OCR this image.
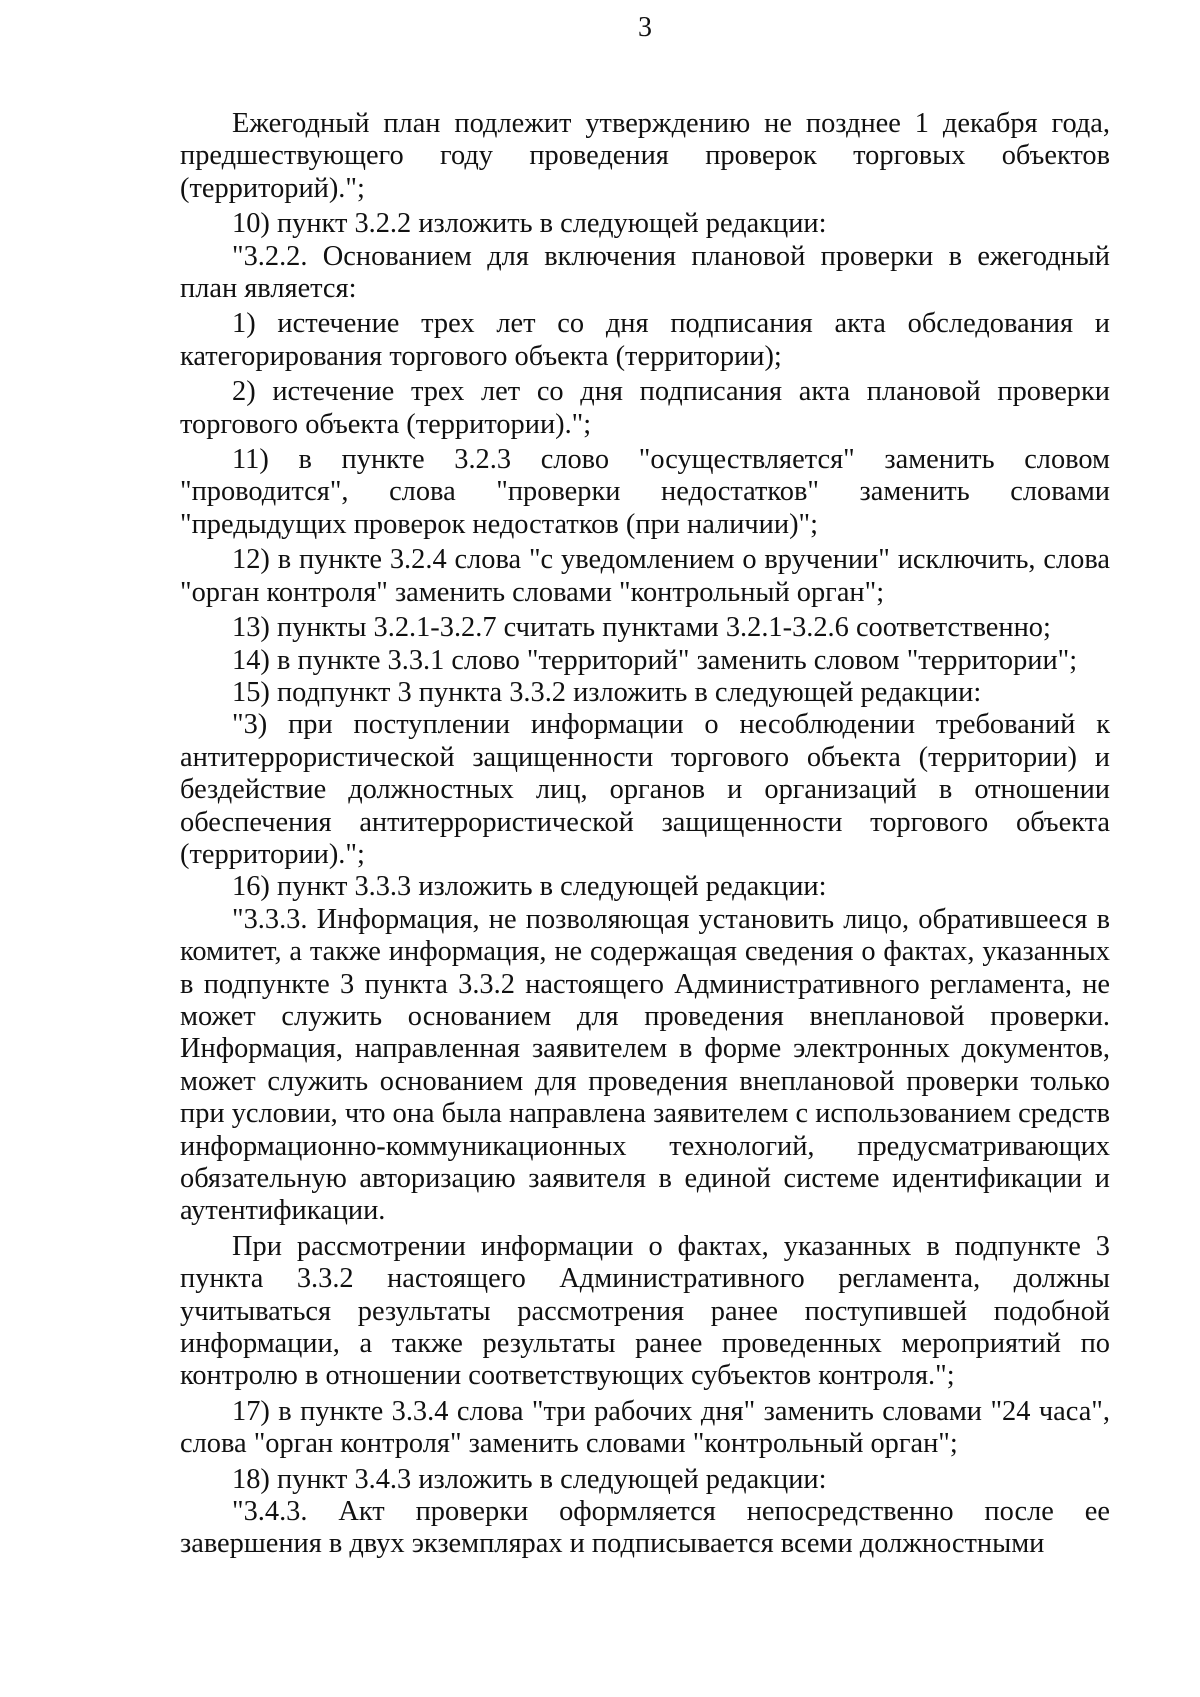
3

Ежегодный план подлежит утверждению не позднее 1 декабря года, предшествующего году проведения проверок торговых объектов (территорий).";

10) пункт 3.2.2 изложить в следующей редакции:

"3.2.2. Основанием для включения плановой проверки в ежегодный план является:

1) истечение трех лет со дня подписания акта обследования и категорирования торгового объекта (территории);

2) истечение трех лет со дня подписания акта плановой проверки торгового объекта (территории).";

11) в пункте 3.2.3 слово "осуществляется" заменить словом "проводится", слова "проверки недостатков" заменить словами "предыдущих проверок недостатков (при наличии)";

12) в пункте 3.2.4 слова "с уведомлением о вручении" исключить, слова "орган контроля" заменить словами "контрольный орган";

13) пункты 3.2.1-3.2.7 считать пунктами 3.2.1-3.2.6 соответственно;

14) в пункте 3.3.1 слово "территорий" заменить словом "территории";

15) подпункт 3 пункта 3.3.2 изложить в следующей редакции:

"3) при поступлении информации о несоблюдении требований к антитеррористической защищенности торгового объекта (территории) и бездействие должностных лиц, органов и организаций в отношении обеспечения антитеррористической защищенности торгового объекта (территории).";

16) пункт 3.3.3 изложить в следующей редакции:

"3.3.3. Информация, не позволяющая установить лицо, обратившееся в комитет, а также информация, не содержащая сведения о фактах, указанных в подпункте 3 пункта 3.3.2 настоящего Административного регламента, не может служить основанием для проведения внеплановой проверки. Информация, направленная заявителем в форме электронных документов, может служить основанием для проведения внеплановой проверки только при условии, что она была направлена заявителем с использованием средств информационно-коммуникационных технологий, предусматривающих обязательную авторизацию заявителя в единой системе идентификации и аутентификации.

При рассмотрении информации о фактах, указанных в подпункте 3 пункта 3.3.2 настоящего Административного регламента, должны учитываться результаты рассмотрения ранее поступившей подобной информации, а также результаты ранее проведенных мероприятий по контролю в отношении соответствующих субъектов контроля.";

17) в пункте 3.3.4 слова "три рабочих дня" заменить словами "24 часа", слова "орган контроля" заменить словами "контрольный орган";

18) пункт 3.4.3 изложить в следующей редакции:

"3.4.3. Акт проверки оформляется непосредственно после ее завершения в двух экземплярах и подписывается всеми должностными
